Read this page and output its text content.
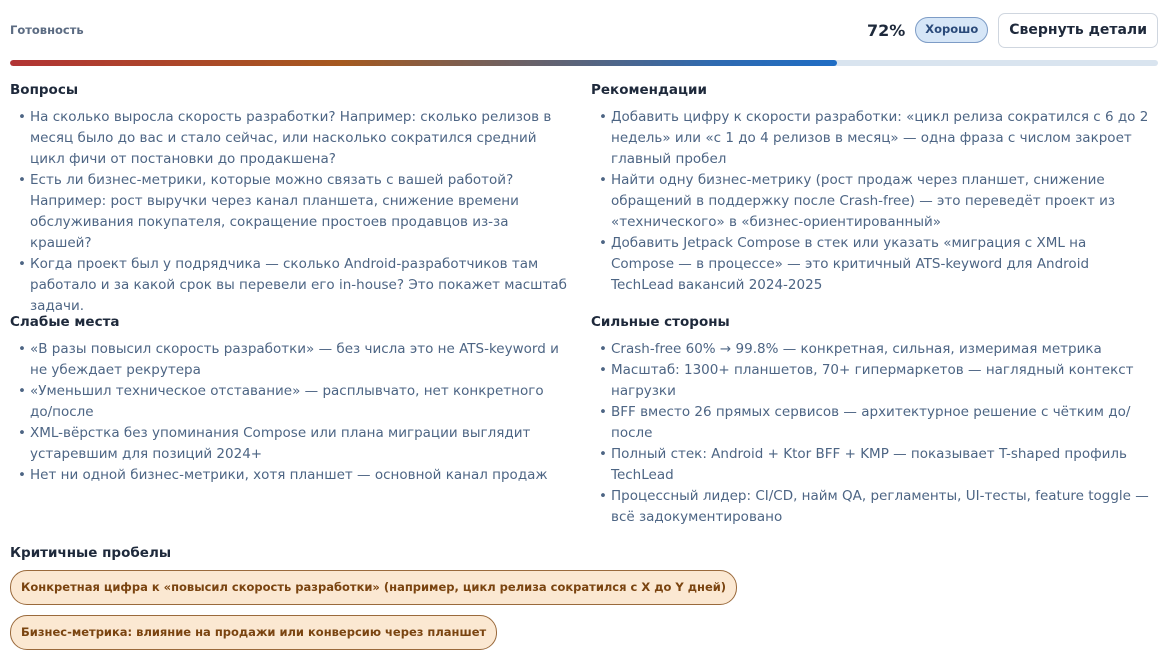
Готовность	72%	Хорошо	Свернуть детали
Вопросы
• На сколько выросла скорость разработки? Например: сколько релизов в месяц было до вас и стало сейчас, или насколько сократился средний цикл фичи от постановки до продакшена?
• Есть ли бизнес-метрики, которые можно связать с вашей работой? Например: рост выручки через канал планшета, снижение времени обслуживания покупателя, сокращение простоев продавцов из-за крашей?
• Когда проект был у подрядчика — сколько Android-разработчиков там работало и за какой срок вы перевели его in-house? Это покажет масштаб задачи.
Рекомендации
• Добавить цифру к скорости разработки: «цикл релиза сократился с 6 до 2 недель» или «с 1 до 4 релизов в месяц» — одна фраза с числом закроет главный пробел
• Найти одну бизнес-метрику (рост продаж через планшет, снижение обращений в поддержку после Crash-free) — это переведёт проект из «технического» в «бизнес-ориентированный»
• Добавить Jetpack Compose в стек или указать «миграция с XML на Compose — в процессе» — это критичный ATS-keyword для Android TechLead вакансий 2024-2025
Слабые места
• «В разы повысил скорость разработки» — без числа это не ATS-keyword и не убеждает рекрутера
• «Уменьшил техническое отставание» — расплывчато, нет конкретного до/после
• XML-вёрстка без упоминания Compose или плана миграции выглядит устаревшим для позиций 2024+
• Нет ни одной бизнес-метрики, хотя планшет — основной канал продаж
Сильные стороны
• Crash-free 60% → 99.8% — конкретная, сильная, измеримая метрика
• Масштаб: 1300+ планшетов, 70+ гипермаркетов — наглядный контекст нагрузки
• BFF вместо 26 прямых сервисов — архитектурное решение с чётким до/после
• Полный стек: Android + Ktor BFF + KMP — показывает T-shaped профиль TechLead
• Процессный лидер: CI/CD, найм QA, регламенты, UI-тесты, feature toggle — всё задокументировано
Критичные пробелы
Конкретная цифра к «повысил скорость разработки» (например, цикл релиза сократился с X до Y дней)
Бизнес-метрика: влияние на продажи или конверсию через планшет
